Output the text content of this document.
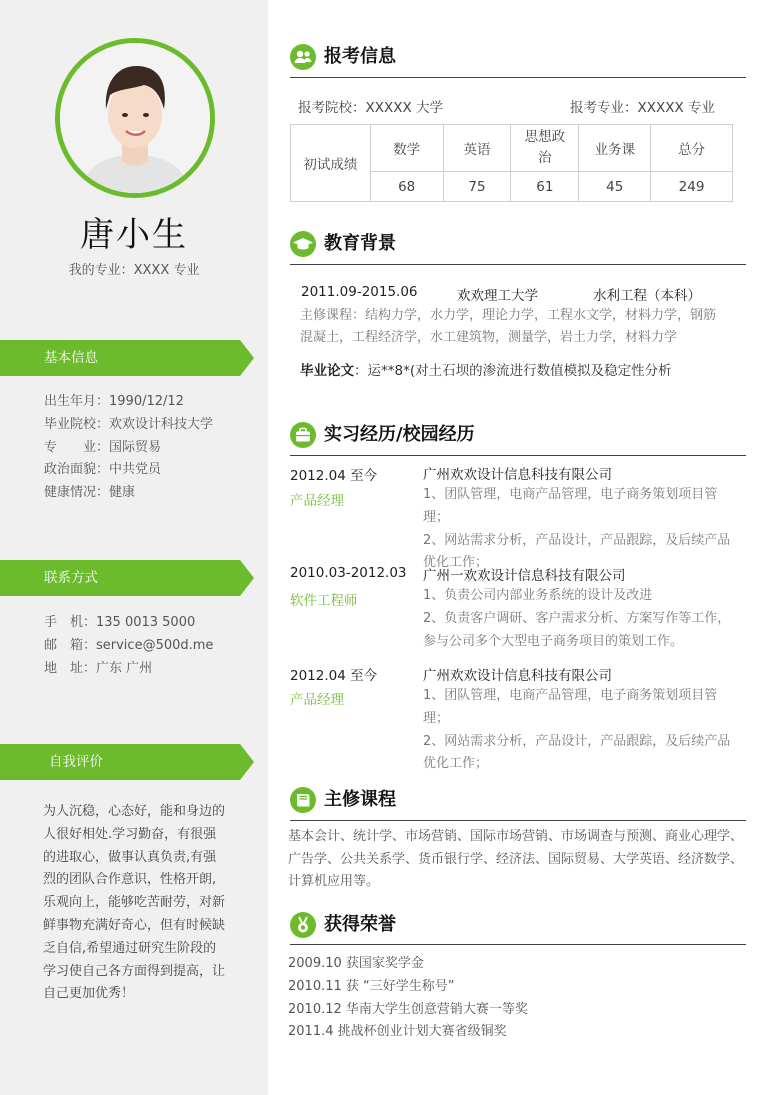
唐小生
我的专业：XXXX 专业
基本信息
出生年月：1990/12/12
毕业院校：欢欢设计科技大学
专　　业：国际贸易
政治面貌：中共党员
健康情况：健康
联系方式
手　机：135 0013 5000
邮　箱：service@500d.me
地　址：广东 广州
自我评价
为人沉稳，心态好，能和身边的人很好相处.学习勤奋，有很强的进取心，做事认真负责,有强烈的团队合作意识，性格开朗,乐观向上，能够吃苦耐劳，对新鲜事物充满好奇心，但有时候缺乏自信,希望通过研究生阶段的学习使自己各方面得到提高，让自己更加优秀！
报考信息
报考院校：XXXXX 大学	报考专业：XXXXX 专业
初试成绩	数学	英语	思想政治	业务课	总分
	68	75	61	45	249
教育背景
2011.09-2015.06	欢欢理工大学	水利工程（本科）
主修课程：结构力学，水力学，理论力学，工程水文学，材料力学，钢筋混凝土，工程经济学，水工建筑物，测量学，岩土力学，材料力学
毕业论文 ：运**8*(对土石坝的渗流进行数值模拟及稳定性分析
实习经历/校园经历
2012.04 至今
产品经理
广州欢欢设计信息科技有限公司
1、团队管理，电商产品管理，电子商务策划项目管理；
2、网站需求分析，产品设计，产品跟踪，及后续产品优化工作；
2010.03-2012.03
软件工程师
广州一欢欢设计信息科技有限公司
1、负责公司内部业务系统的设计及改进
2、负责客户调研、客户需求分析、方案写作等工作， 参与公司多个大型电子商务项目的策划工作。
2012.04 至今
产品经理
广州欢欢设计信息科技有限公司
1、团队管理，电商产品管理，电子商务策划项目管理；
2、网站需求分析，产品设计，产品跟踪，及后续产品优化工作；
主修课程
基本会计、统计学、市场营销、国际市场营销、市场调查与预测、商业心理学、广告学、公共关系学、货币银行学、经济法、国际贸易、大学英语、经济数学、计算机应用等。
获得荣誉
2009.10 获国家奖学金
2010.11 获 “三好学生称号”
2010.12 华南大学生创意营销大赛一等奖
2011.4 挑战杯创业计划大赛省级铜奖
